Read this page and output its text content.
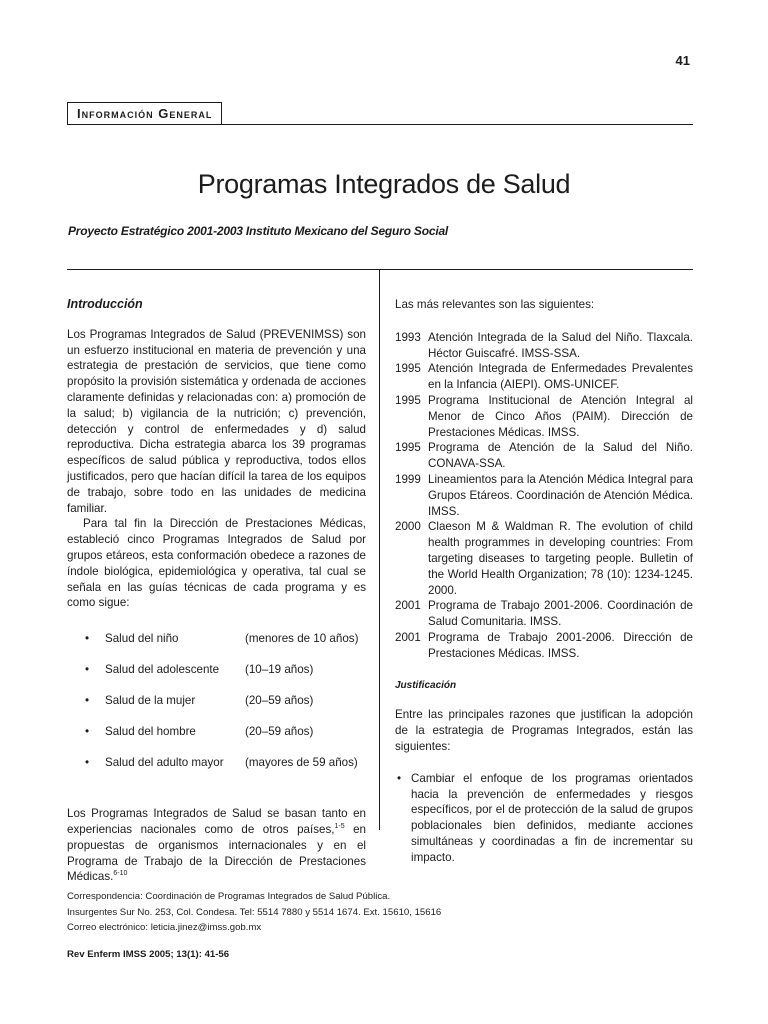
41
Información General
Programas Integrados de Salud
Proyecto Estratégico 2001-2003 Instituto Mexicano del Seguro Social
Introducción

Los Programas Integrados de Salud (PREVENIMSS) son un esfuerzo institucional en materia de prevención y una estrategia de prestación de servicios, que tiene como propósito la provisión sistemática y ordenada de acciones claramente definidas y relacionadas con: a) promoción de la salud; b) vigilancia de la nutrición; c) prevención, detección y control de enfermedades y d) salud reproductiva. Dicha estrategia abarca los 39 programas específicos de salud pública y reproductiva, todos ellos justificados, pero que hacían difícil la tarea de los equipos de trabajo, sobre todo en las unidades de medicina familiar.

Para tal fin la Dirección de Prestaciones Médicas, estableció cinco Programas Integrados de Salud por grupos etáreos, esta conformación obedece a razones de índole biológica, epidemiológica y operativa, tal cual se señala en las guías técnicas de cada programa y es como sigue:

•	Salud del niño	(menores de 10 años)
•	Salud del adolescente	(10–19 años)
•	Salud de la mujer	(20–59 años)
•	Salud del hombre	(20–59 años)
•	Salud del adulto mayor	(mayores de 59 años)

Los Programas Integrados de Salud se basan tanto en experiencias nacionales como de otros países,$^{1-5}$ en propuestas de organismos internacionales y en el Programa de Trabajo de la Dirección de Prestaciones Médicas.$^{6-10}$

Las más relevantes son las siguientes:

1993 Atención Integrada de la Salud del Niño. Tlaxcala. Héctor Guiscafré. IMSS-SSA.
1995 Atención Integrada de Enfermedades Prevalentes en la Infancia (AIEPI). OMS-UNICEF.
1995 Programa Institucional de Atención Integral al Menor de Cinco Años (PAIM). Dirección de Prestaciones Médicas. IMSS.
1995 Programa de Atención de la Salud del Niño. CONAVA-SSA.
1999 Lineamientos para la Atención Médica Integral para Grupos Etáreos. Coordinación de Atención Médica. IMSS.
2000 Claeson M & Waldman R. The evolution of child health programmes in developing countries: From targeting diseases to targeting people. Bulletin of the World Health Organization; 78 (10): 1234-1245. 2000.
2001 Programa de Trabajo 2001-2006. Coordinación de Salud Comunitaria. IMSS.
2001 Programa de Trabajo 2001-2006. Dirección de Prestaciones Médicas. IMSS.
Justificación

Entre las principales razones que justifican la adopción de la estrategia de Programas Integrados, están las siguientes:

• Cambiar el enfoque de los programas orientados hacia la prevención de enfermedades y riesgos específicos, por el de protección de la salud de grupos poblacionales bien definidos, mediante acciones simultáneas y coordinadas a fin de incrementar su impacto.
Correspondencia: Coordinación de Programas Integrados de Salud Pública.
Insurgentes Sur No. 253, Col. Condesa. Tel: 5514 7880 y 5514 1674. Ext. 15610, 15616
Correo electrónico: leticia.jinez@imss.gob.mx
Rev Enferm IMSS 2005; 13(1): 41-56
